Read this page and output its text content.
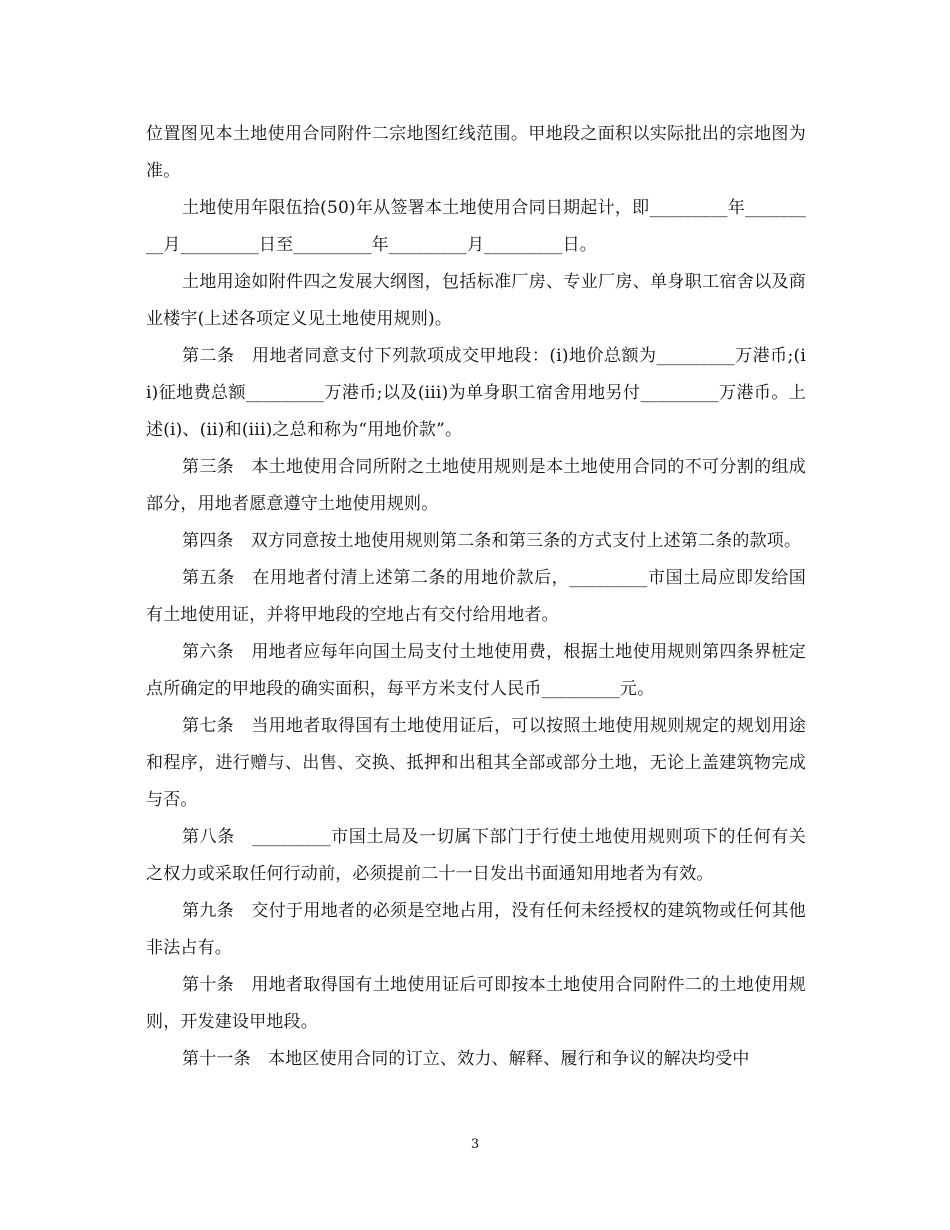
位置图见本土地使用合同附件二宗地图红线范围。甲地段之面积以实际批出的宗地图为准。

土地使用年限伍拾(50)年从签署本土地使用合同日期起计，即_________年_________月_________日至_________年_________月_________日。

土地用途如附件四之发展大纲图，包括标准厂房、专业厂房、单身职工宿舍以及商业楼宇(上述各项定义见土地使用规则)。

第二条　用地者同意支付下列款项成交甲地段：(i)地价总额为_________万港币;(ii)征地费总额_________万港币;以及(iii)为单身职工宿舍用地另付_________万港币。上述(i)、(ii)和(iii)之总和称为“用地价款”。

第三条　本土地使用合同所附之土地使用规则是本土地使用合同的不可分割的组成部分，用地者愿意遵守土地使用规则。

第四条　双方同意按土地使用规则第二条和第三条的方式支付上述第二条的款项。

第五条　在用地者付清上述第二条的用地价款后，_________市国土局应即发给国有土地使用证，并将甲地段的空地占有交付给用地者。

第六条　用地者应每年向国土局支付土地使用费，根据土地使用规则第四条界桩定点所确定的甲地段的确实面积，每平方米支付人民币_________元。

第七条　当用地者取得国有土地使用证后，可以按照土地使用规则规定的规划用途和程序，进行赠与、出售、交换、抵押和出租其全部或部分土地，无论上盖建筑物完成与否。

第八条　_________市国土局及一切属下部门于行使土地使用规则项下的任何有关之权力或采取任何行动前，必须提前二十一日发出书面通知用地者为有效。

第九条　交付于用地者的必须是空地占用，没有任何未经授权的建筑物或任何其他非法占有。

第十条　用地者取得国有土地使用证后可即按本土地使用合同附件二的土地使用规则，开发建设甲地段。

第十一条　本地区使用合同的订立、效力、解释、履行和争议的解决均受中

3
